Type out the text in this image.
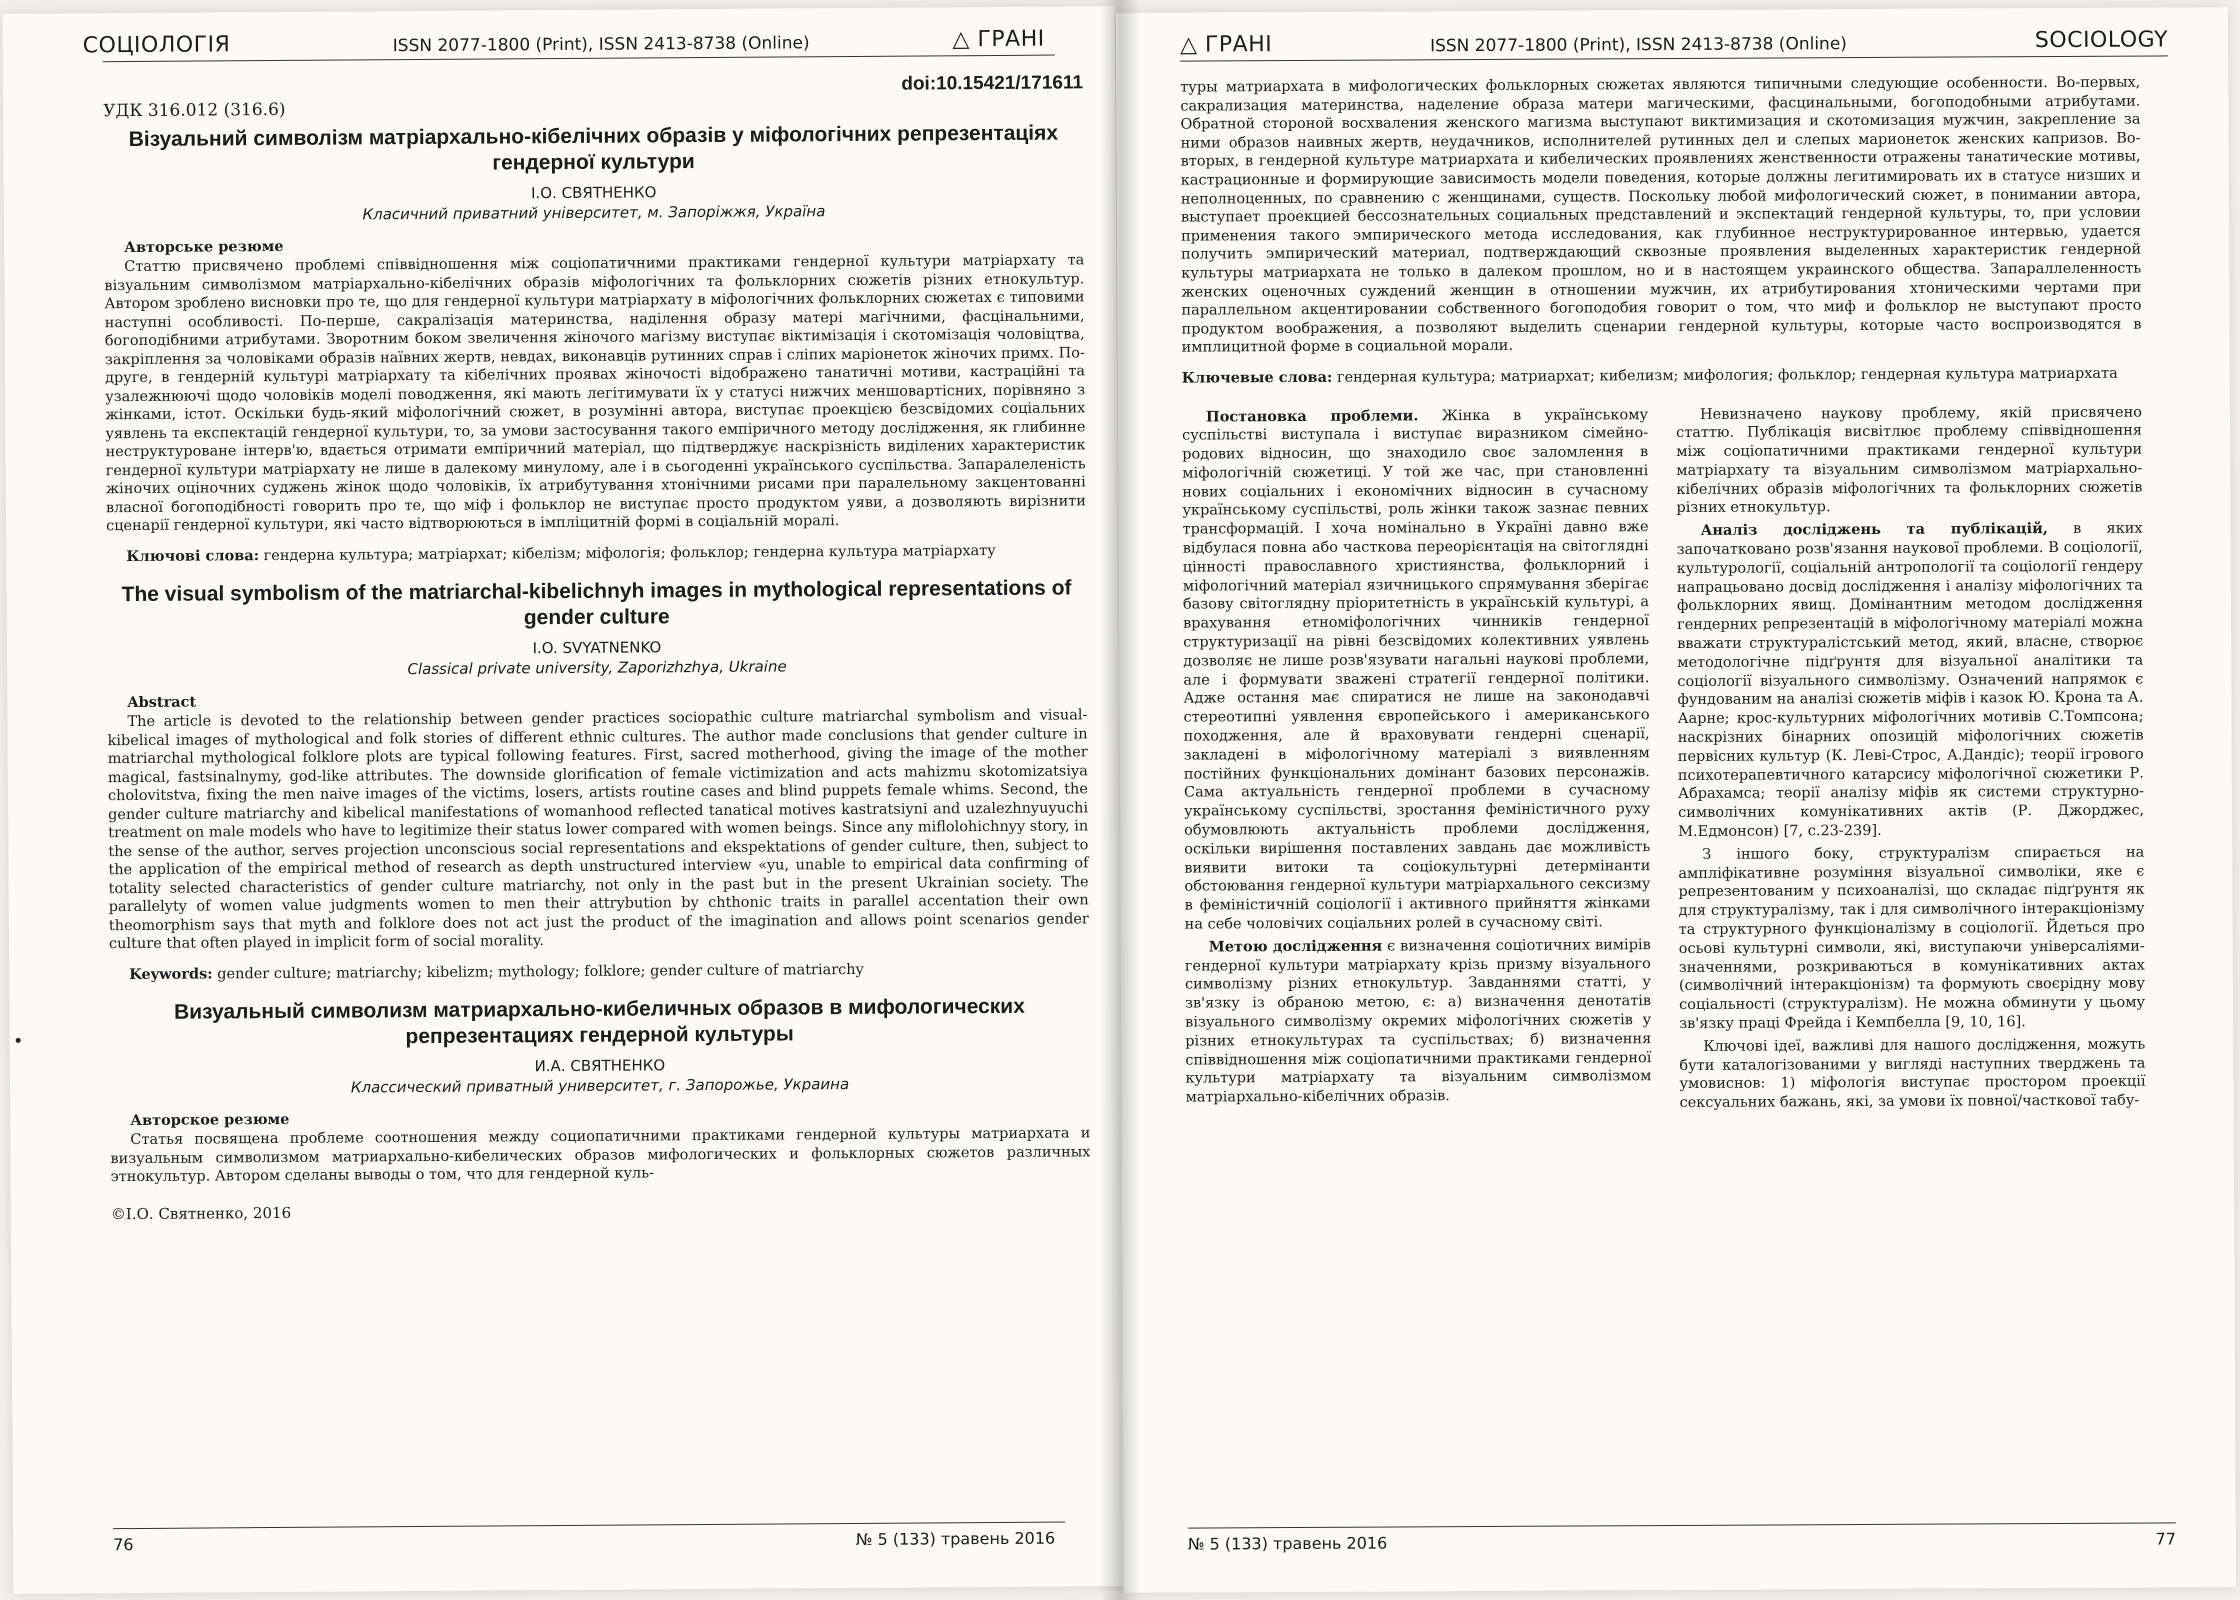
СОЦІОЛОГІЯ	ISSN 2077-1800 (Print), ISSN 2413-8738 (Online)	△ ГРАНІ

doi:10.15421/171611

УДК 316.012 (316.6)

Візуальний символізм матріархально-кібелічних образів у міфологічних репрезентаціях гендерної культури

І.О. СВЯТНЕНКО

Класичний приватний університет, м. Запоріжжя, Україна

Авторське резюме

Статтю присвячено проблемі співвідношення між соціопатичними практиками гендерної культури матріархату та візуальним символізмом матріархально-кібелічних образів міфологічних та фольклорних сюжетів різних етнокультур. Автором зроблено висновки про те, що для гендерної культури матріархату в міфологічних фольклорних сюжетах є типовими наступні особливості. По-перше, сакралізація материнства, наділення образу матері магічними, фасцінальними, богоподібними атрибутами. Зворотним боком звеличення жіночого магізму виступає віктимізація і скотомізація чоловіцтва, закріплення за чоловіками образів наївних жертв, невдах, виконавців рутинних справ і сліпих маріонеток жіночих примх. По-друге, в гендерній культурі матріархату та кібелічних проявах жіночості відображено танатичні мотиви, кастраційні та узалежнюючі щодо чоловіків моделі поводження, які мають легітимувати їх у статусі нижчих меншовартісних, порівняно з жінками, істот. Оскільки будь-який міфологічний сюжет, в розумінні автора, виступає проекцією безсвідомих соціальних уявлень та експектацій гендерної культури, то, за умови застосування такого емпіричного методу дослідження, як глибинне неструктуроване інтерв'ю, вдається отримати емпіричний матеріал, що підтверджує наскрізність виділених характеристик гендерної культури матріархату не лише в далекому минулому, але і в сьогоденні українського суспільства. Запаралеленість жіночих оціночних суджень жінок щодо чоловіків, їх атрибутування хтонічними рисами при паралельному закцентованні власної богоподібності говорить про те, що міф і фольклор не виступає просто продуктом уяви, а дозволяють вирізнити сценарії гендерної культури, які часто відтворюються в імпліцитній формі в соціальній моралі.

Ключові слова: гендерна культура; матріархат; кібелізм; міфологія; фольклор; гендерна культура матріархату

The visual symbolism of the matriarchal-kibelichnyh images in mythological representations of gender culture

I.O. SVYATNENKO

Classical private university, Zaporizhzhya, Ukraine

Abstract

The article is devoted to the relationship between gender practices sociopathic culture matriarchal symbolism and visual-kibelical images of mythological and folk stories of different ethnic cultures. The author made conclusions that gender culture in matriarchal mythological folklore plots are typical following features. First, sacred motherhood, giving the image of the mother magical, fastsinalnymy, god-like attributes. The downside glorification of female victimization and acts mahizmu skotomizatsiya cholovitstva, fixing the men naive images of the victims, losers, artists routine cases and blind puppets female whims. Second, the gender culture matriarchy and kibelical manifestations of womanhood reflected tanatical motives kastratsiyni and uzalezhnyuyuchi treatment on male models who have to legitimize their status lower compared with women beings. Since any miflolohichnyy story, in the sense of the author, serves projection unconscious social representations and ekspektations of gender culture, then, subject to the application of the empirical method of research as depth unstructured interview «yu, unable to empirical data confirming of totality selected characteristics of gender culture matriarchy, not only in the past but in the present Ukrainian society. The parallelyty of women value judgments women to men their attrybution by chthonic traits in parallel accentation their own theomorphism says that myth and folklore does not act just the product of the imagination and allows point scenarios gender culture that often played in implicit form of social morality.

Keywords: gender culture; matriarchy; kibelizm; mythology; folklore; gender culture of matriarchy

Визуальный символизм матриархально-кибеличных образов в мифологических репрезентациях гендерной культуры

И.А. СВЯТНЕНКО

Классический приватный университет, г. Запорожье, Украина

Авторское резюме

Статья посвящена проблеме соотношения между социопатичними практиками гендерной культуры матриархата и визуальным символизмом матриархально-кибелических образов мифологических и фольклорных сюжетов различных этнокультур. Автором сделаны выводы о том, что для гендерной куль-

©І.О. Святненко, 2016

76	№ 5 (133) травень 2016
△ ГРАНІ	ISSN 2077-1800 (Print), ISSN 2413-8738 (Online)	SOCIOLOGY

туры матриархата в мифологических фольклорных сюжетах являются типичными следующие особенности. Во-первых, сакрализация материнства, наделение образа матери магическими, фасцинальными, богоподобными атрибутами. Обратной стороной восхваления женского магизма выступают виктимизация и скотомизация мужчин, закрепление за ними образов наивных жертв, неудачников, исполнителей рутинных дел и слепых марионеток женских капризов. Во-вторых, в гендерной культуре матриархата и кибелических проявлениях женственности отражены танатические мотивы, кастрационные и формирующие зависимость модели поведения, которые должны легитимировать их в статусе низших и неполноценных, по сравнению с женщинами, существ. Поскольку любой мифологический сюжет, в понимании автора, выступает проекцией бессознательных социальных представлений и экспектаций гендерной культуры, то, при условии применения такого эмпирического метода исследования, как глубинное неструктурированное интервью, удается получить эмпирический материал, подтверждающий сквозные проявления выделенных характеристик гендерной культуры матриархата не только в далеком прошлом, но и в настоящем украинского общества. Запараллеленность женских оценочных суждений женщин в отношении мужчин, их атрибутирования хтоническими чертами при параллельном акцентировании собственного богоподобия говорит о том, что миф и фольклор не выступают просто продуктом воображения, а позволяют выделить сценарии гендерной культуры, которые часто воспроизводятся в имплицитной форме в социальной морали.

Ключевые слова: гендерная культура; матриархат; кибелизм; мифология; фольклор; гендерная культура матриархата

Постановка проблеми. Жінка в українському суспільстві виступала і виступає виразником сімейно-родових відносин, що знаходило своє заломлення в міфологічній сюжетиці. У той же час, при становленні нових соціальних і економічних відносин в сучасному українському суспільстві, роль жінки також зазнає певних трансформацій. І хоча номінально в Україні давно вже відбулася повна або часткова переорієнтація на світоглядні цінності православного християнства, фольклорний і міфологічний матеріал язичницького спрямування зберігає базову світоглядну пріоритетність в українській культурі, а врахування етноміфологічних чинників гендерної структуризації на рівні безсвідомих колективних уявлень дозволяє не лише розв'язувати нагальні наукові проблеми, але і формувати зважені стратегії гендерної політики. Адже остання має спиратися не лише на законодавчі стереотипні уявлення європейського і американського походження, але й враховувати гендерні сценарії, закладені в міфологічному матеріалі з виявленням постійних функціональних домінант базових персонажів. Сама актуальність гендерної проблеми в сучасному українському суспільстві, зростання феміністичного руху обумовлюють актуальність проблеми дослідження, оскільки вирішення поставлених завдань дає можливість виявити витоки та соціокультурні детермінанти обстоювання гендерної культури матріархального сексизму в феміністичній соціології і активного прийняття жінками на себе чоловічих соціальних ролей в сучасному світі.

Метою дослідження є визначення соціотичних вимірів гендерної культури матріархату крізь призму візуального символізму різних етнокультур. Завданнями статті, у зв'язку із обраною метою, є: а) визначення денотатів візуального символізму окремих міфологічних сюжетів у різних етнокультурах та суспільствах; б) визначення співвідношення між соціопатичними практиками гендерної культури матріархату та візуальним символізмом матріархально-кібелічних образів.

Невизначено наукову проблему, якій присвячено статтю. Публікація висвітлює проблему співвідношення між соціопатичними практиками гендерної культури матріархату та візуальним символізмом матріархально-кібелічних образів міфологічних та фольклорних сюжетів різних етнокультур.

Аналіз досліджень та публікацій, в яких започатковано розв'язання наукової проблеми. В соціології, культурології, соціальній антропології та соціології гендеру напрацьовано досвід дослідження і аналізу міфологічних та фольклорних явищ. Домінантним методом дослідження гендерних репрезентацій в міфологічному матеріалі можна вважати структуралістський метод, який, власне, створює методологічне підґрунтя для візуальної аналітики та соціології візуального символізму. Означений напрямок є фундованим на аналізі сюжетів міфів і казок Ю. Крона та А. Аарне; крос-культурних міфологічних мотивів С.Томпсона; наскрізних бінарних опозицій міфологічних сюжетів первісних культур (К. Леві-Строс, А.Дандіс); теорії ігрового психотерапевтичного катарсису міфологічної сюжетики Р. Абрахамса; теорії аналізу міфів як системи структурно-символічних комунікативних актів (Р. Джорджес, М.Едмонсон) [7, с.23-239].

З іншого боку, структуралізм спирається на ампліфікативне розуміння візуальної символіки, яке є репрезентованим у психоаналізі, що складає підґрунтя як для структуралізму, так і для символічного інтеракціонізму та структурного функціоналізму в соціології. Йдеться про осьові культурні символи, які, виступаючи універсаліями-значеннями, розкриваються в комунікативних актах (символічний інтеракціонізм) та формують своєрідну мову соціальності (структуралізм). Не можна обминути у цьому зв'язку праці Фрейда і Кемпбелла [9, 10, 16].

Ключові ідеї, важливі для нашого дослідження, можуть бути каталогізованими у вигляді наступних тверджень та умовиснов: 1) міфологія виступає простором проекції сексуальних бажань, які, за умови їх повної/часткової табу-

№ 5 (133) травень 2016	77
